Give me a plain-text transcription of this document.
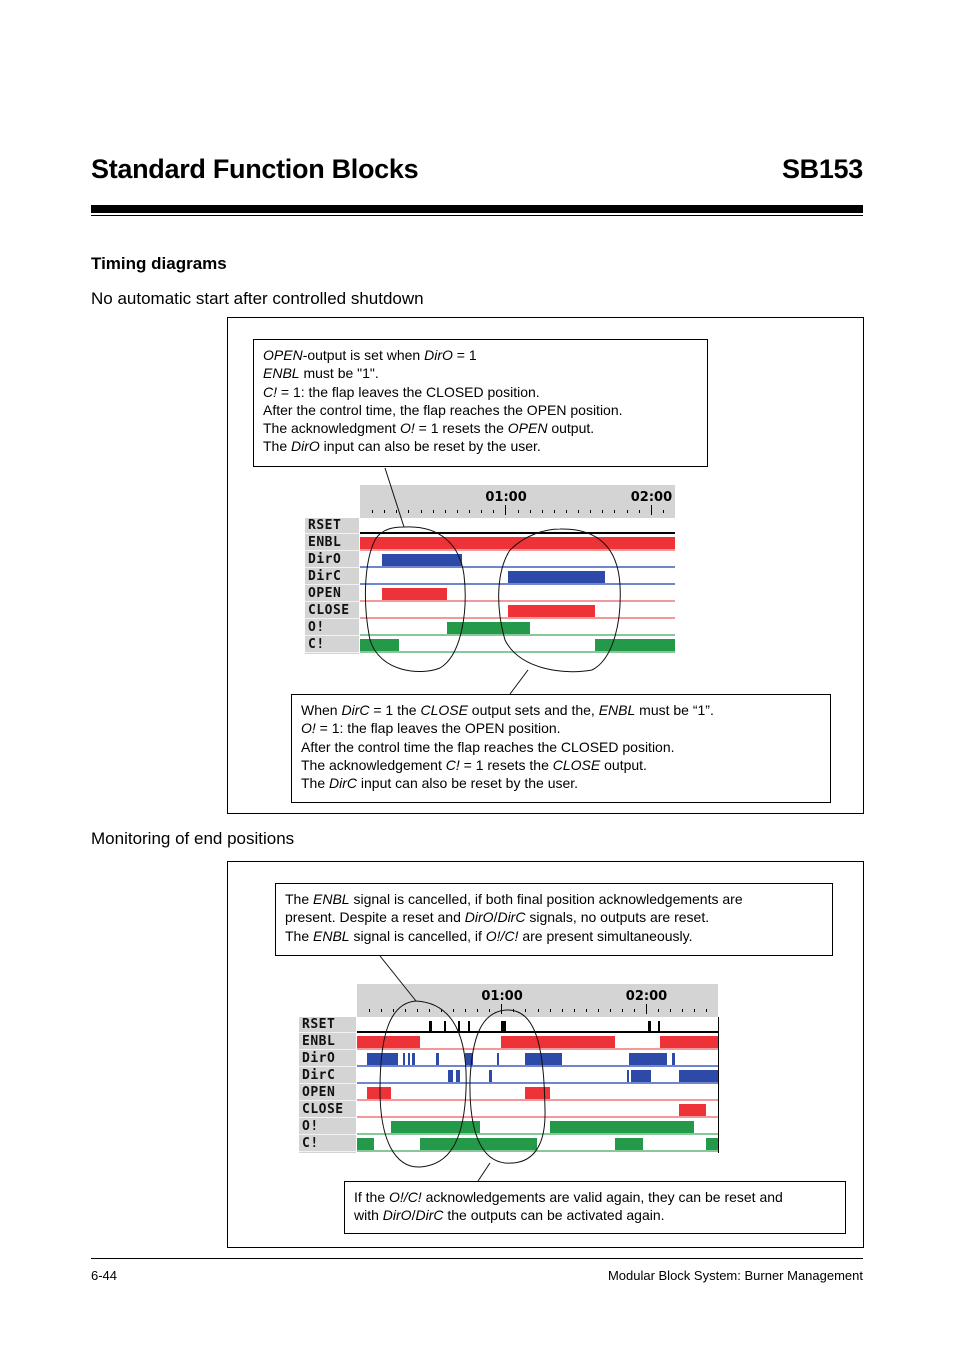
Standard Function Blocks	SB153
Timing diagrams
No automatic start after controlled shutdown
OPEN-output is set when DirO = 1
ENBL must be "1".
C! = 1: the flap leaves the CLOSED position.
After the control time, the flap reaches the OPEN position.
The acknowledgment O! = 1 resets the OPEN output.
The DirO input can also be reset by the user.
01:00	02:00
RSET
ENBL
DirO
DirC
OPEN
CLOSE
O!
C!
When DirC = 1 the CLOSE output sets and the, ENBL must be “1”.
O! = 1: the flap leaves the OPEN position.
After the control time the flap reaches the CLOSED position.
The acknowledgement C! = 1 resets the CLOSE output.
The DirC input can also be reset by the user.
Monitoring of end positions
The ENBL signal is cancelled, if both final position acknowledgements are
present. Despite a reset and DirO/DirC signals, no outputs are reset.
The ENBL signal is cancelled, if O!/C! are present simultaneously.
01:00	02:00
RSET
ENBL
DirO
DirC
OPEN
CLOSE
O!
C!
If the O!/C! acknowledgements are valid again, they can be reset and
with DirO/DirC the outputs can be activated again.
6-44	Modular Block System: Burner Management
